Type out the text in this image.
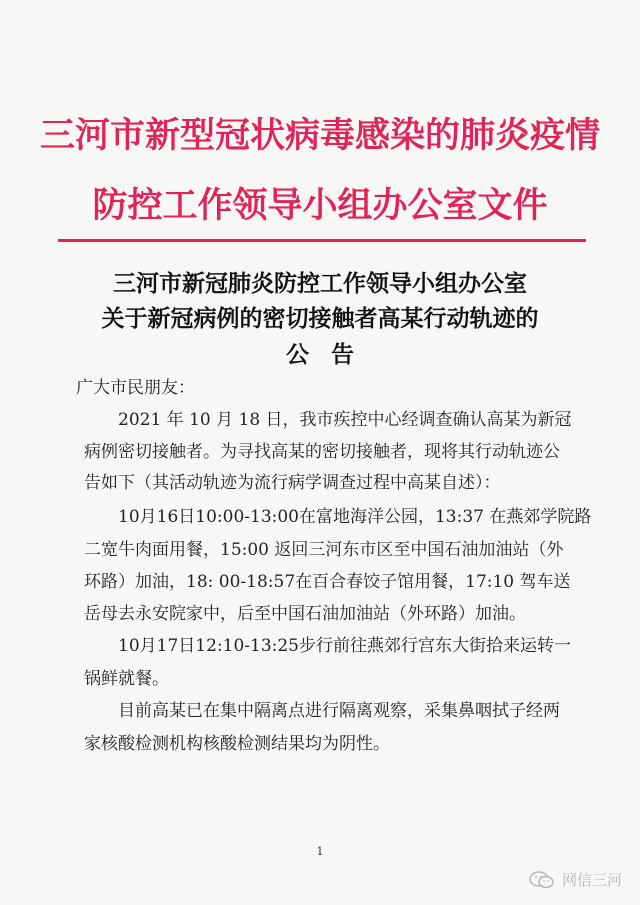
三河市新型冠状病毒感染的肺炎疫情
防控工作领导小组办公室文件
三河市新冠肺炎防控工作领导小组办公室
关于新冠病例的密切接触者高某行动轨迹的
公告
广大市民朋友：
2021 年 10 月 18 日，我市疾控中心经调查确认高某为新冠
病例密切接触者。为寻找高某的密切接触者，现将其行动轨迹公
告如下（其活动轨迹为流行病学调查过程中高某自述）：
10月16日10:00-13:00在富地海洋公园，13:37 在燕郊学院路
二宽牛肉面用餐，15:00 返回三河东市区至中国石油加油站（外
环路）加油，18: 00-18:57在百合春饺子馆用餐，17:10 驾车送
岳母去永安院家中，后至中国石油加油站（外环路）加油。
10月17日12:10-13:25步行前往燕郊行宫东大街拾来运转一
锅鲜就餐。
目前高某已在集中隔离点进行隔离观察，采集鼻咽拭子经两
家核酸检测机构核酸检测结果均为阴性。
1
网信三河
